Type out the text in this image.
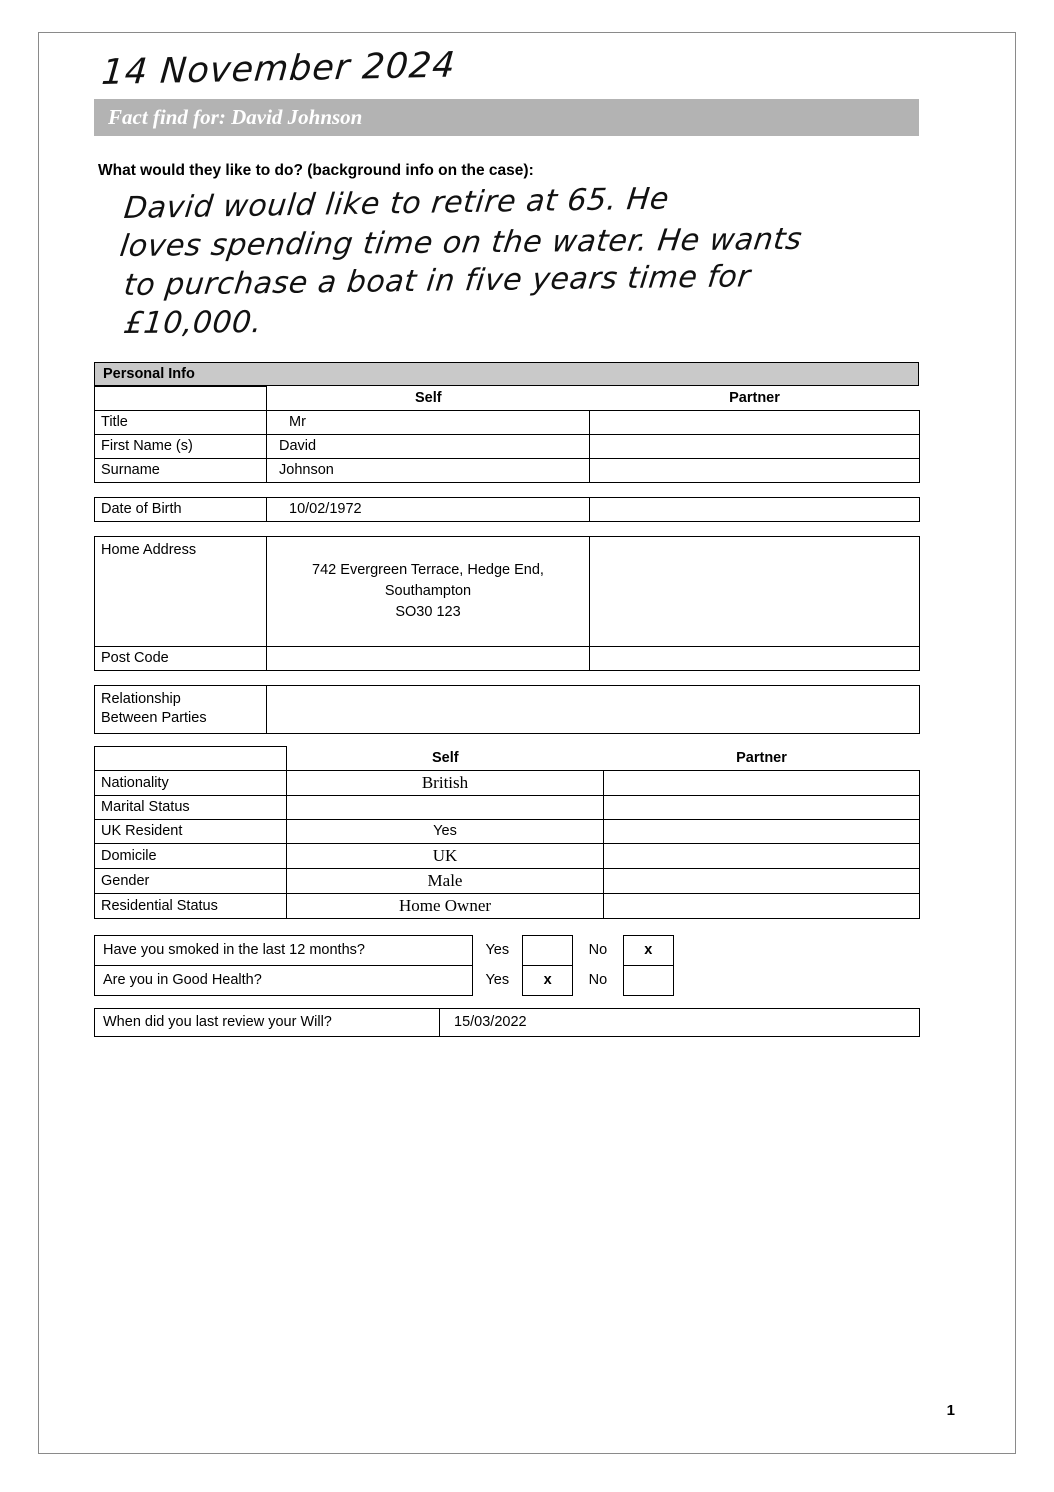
14 November 2024
Fact find for: David Johnson
What would they like to do? (background info on the case):
David would like to retire at 65. He
loves spending time on the water. He wants
to purchase a boat in five years time for
£10,000.
Personal Info
	Self	Partner
Title	Mr	
First Name (s)	David	
Surname	Johnson	
Date of Birth	10/02/1972	
Home Address	742 Evergreen Terrace, Hedge End,
Southampton
SO30 123	

Post Code		
Relationship
Between Parties

	Self	Partner
Nationality	British	
Marital Status		
UK Resident	Yes	
Domicile	UK	
Gender	Male	
Residential Status	Home Owner	
Have you smoked in the last 12 months?	Yes		No	x
Are you in Good Health?	Yes	x	No	
When did you last review your Will?	15/03/2022
1
